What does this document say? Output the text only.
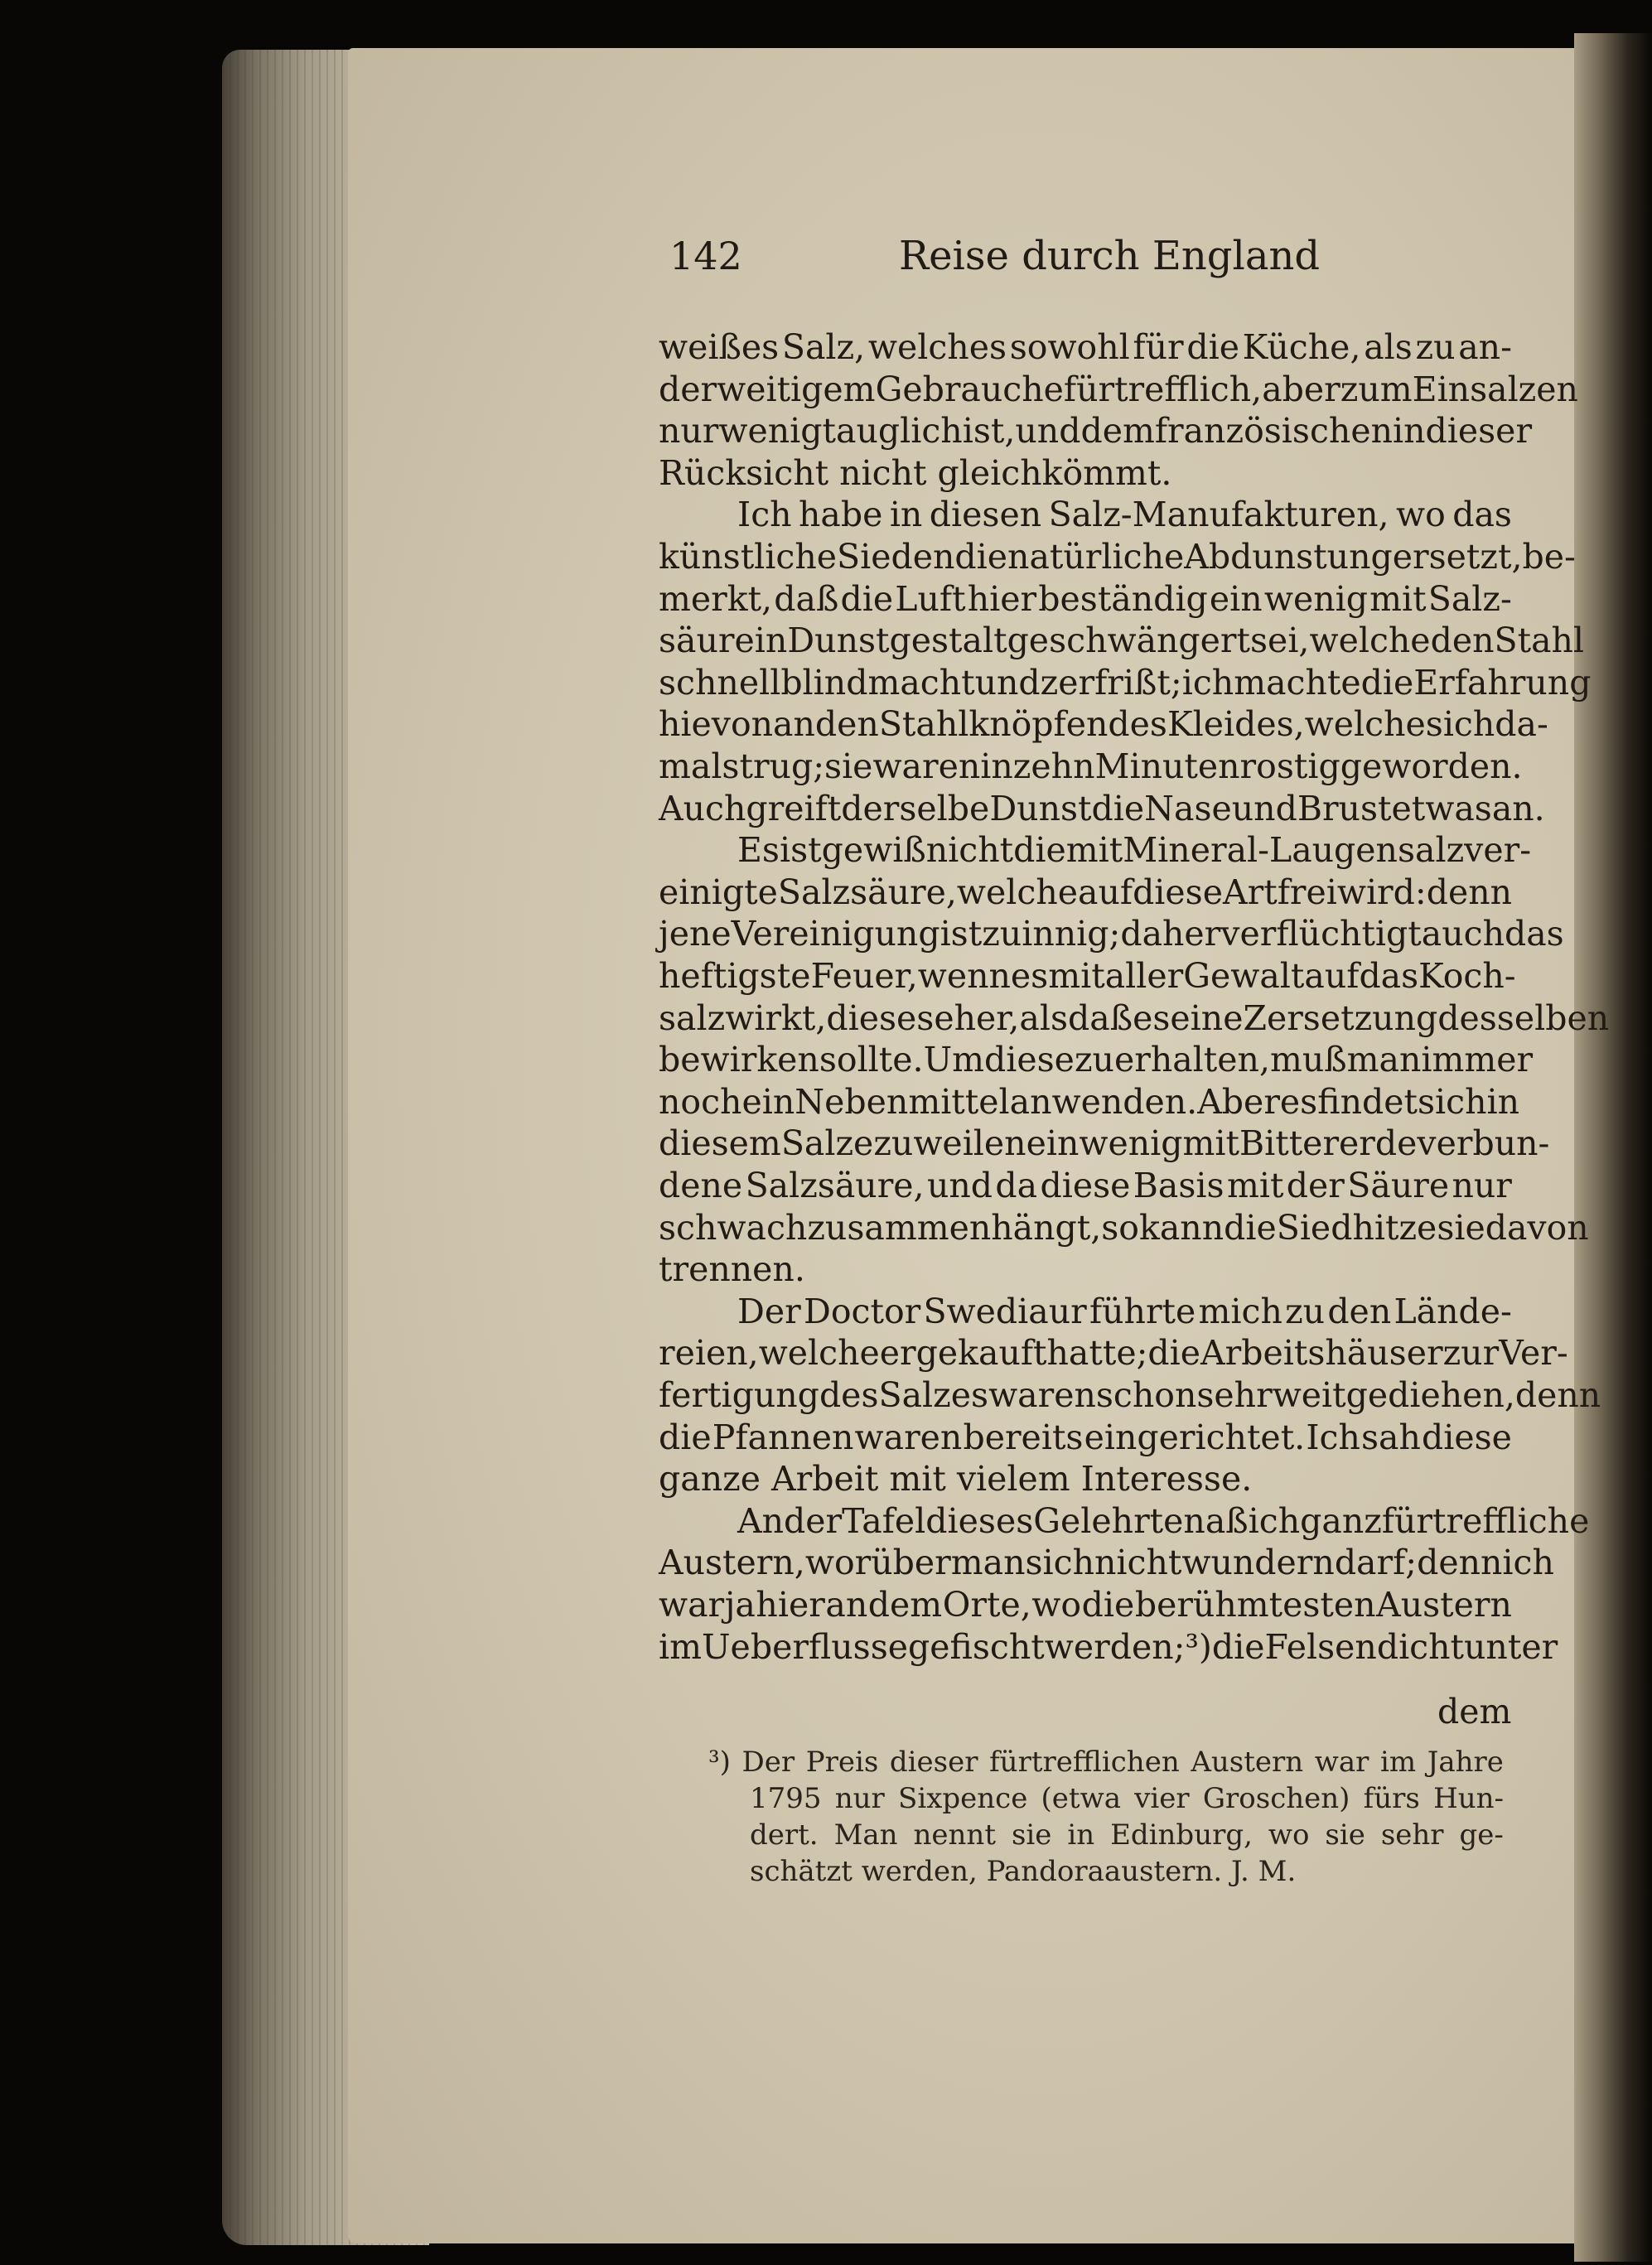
142	Reise durch England
weißes Salz, welches sowohl für die Küche, als zu an-
derweitigem Gebrauche fürtrefflich, aber zum Einsalzen
nur wenig tauglich ist, und dem französischen in dieser
Rücksicht nicht gleichkömmt.
Ich habe in diesen Salz-Manufakturen, wo das
künstliche Sieden die natürliche Abdunstung ersetzt, be-
merkt, daß die Luft hier beständig ein wenig mit Salz-
säure in Dunstgestalt geschwängert sei, welche den Stahl
schnell blind macht und zerfrißt; ich machte die Erfahrung
hievon an den Stahlknöpfen des Kleides, welches ich da-
mals trug; sie waren in zehn Minuten rostig geworden.
Auch greift derselbe Dunst die Nase und Brust etwas an.
Es ist gewiß nicht die mit Mineral-Laugensalz ver-
einigte Salzsäure, welche auf diese Art frei wird: denn
jene Vereinigung ist zu innig; daher verflüchtigt auch das
heftigste Feuer, wenn es mit aller Gewalt auf das Koch-
salz wirkt, dieses eher, als daß es eine Zersetzung desselben
bewirken sollte. Um diese zu erhalten, muß man immer
noch ein Nebenmittel anwenden. Aber es findet sich in
diesem Salze zuweilen ein wenig mit Bittererde verbun-
dene Salzsäure, und da diese Basis mit der Säure nur
schwach zusammenhängt, so kann die Siedhitze sie davon
trennen.
Der Doctor Swediaur führte mich zu den Lände-
reien, welche er gekauft hatte; die Arbeitshäuser zur Ver-
fertigung des Salzes waren schon sehr weit gediehen, denn
die Pfannen waren bereits eingerichtet. Ich sah diese
ganze Arbeit mit vielem Interesse.
An der Tafel dieses Gelehrten aß ich ganz fürtreffliche
Austern, worüber man sich nicht wundern darf; denn ich
war ja hier an dem Orte, wo die berühmtesten Austern
im Ueberflusse gefischt werden; ³) die Felsen dicht unter
dem
³) Der Preis dieser fürtrefflichen Austern war im Jahre
1795 nur Sixpence (etwa vier Groschen) fürs Hun-
dert. Man nennt sie in Edinburg, wo sie sehr ge-
schätzt werden, Pandoraaustern. J. M.
